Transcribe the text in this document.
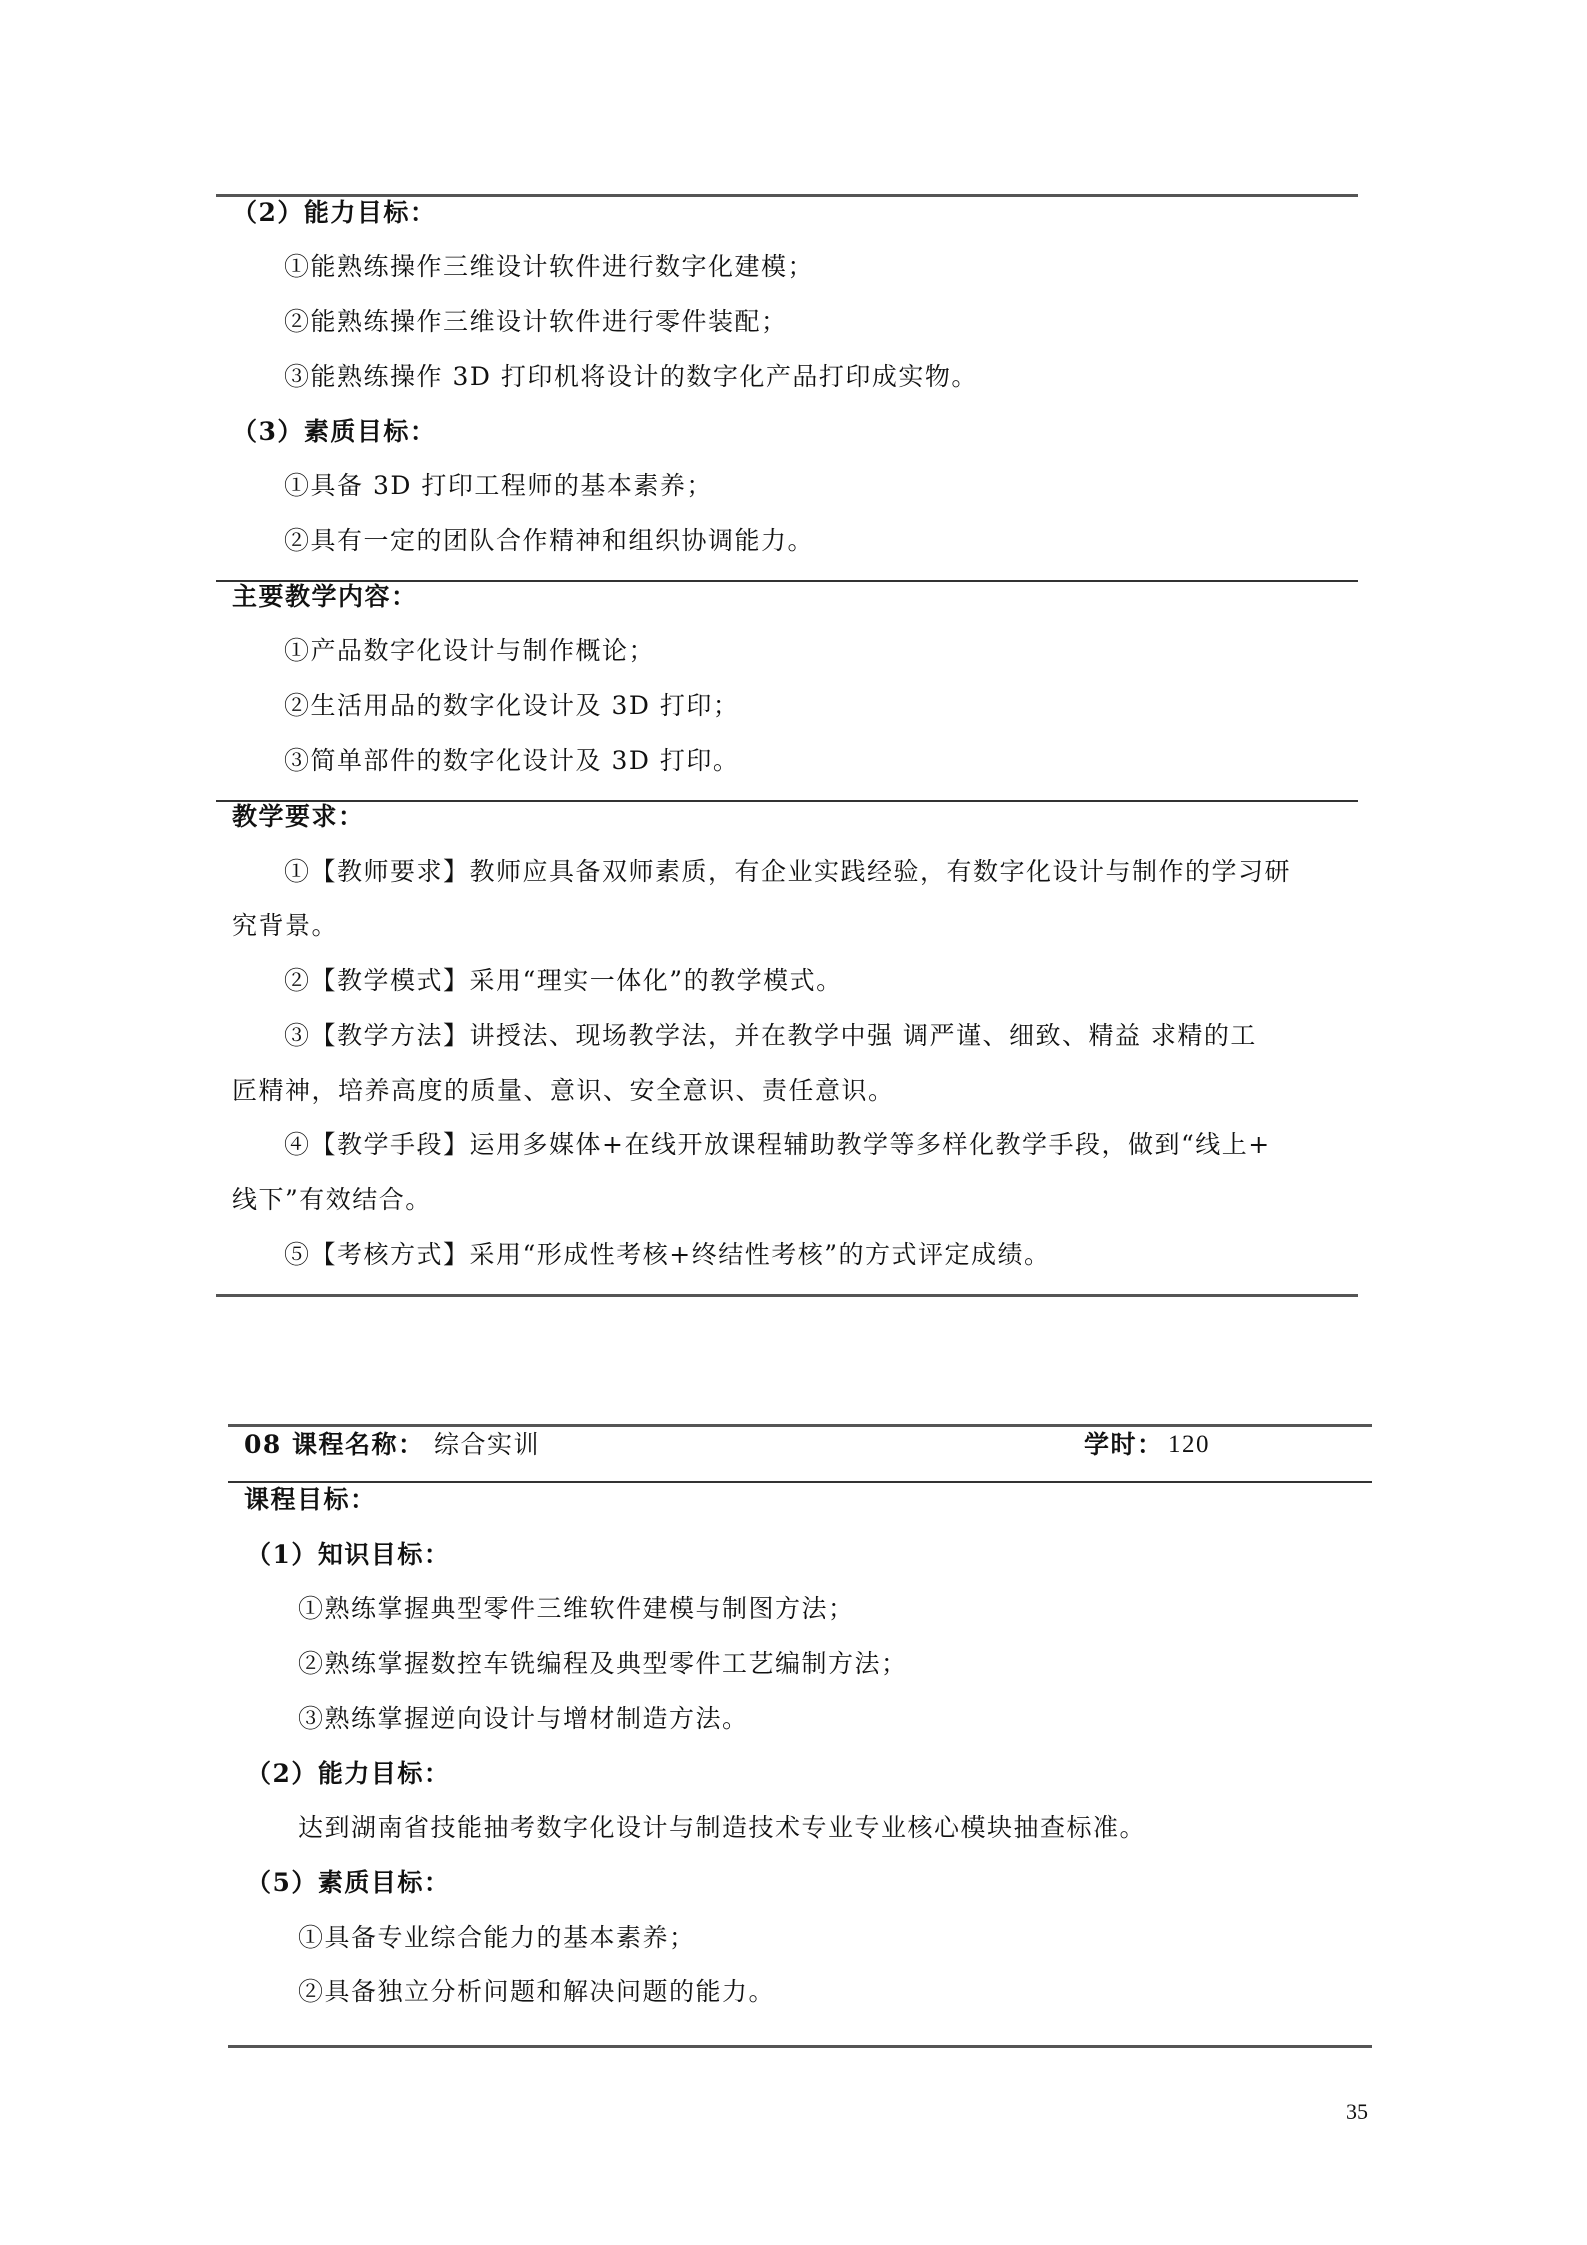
（2）能力目标：
①能熟练操作三维设计软件进行数字化建模；
②能熟练操作三维设计软件进行零件装配；
③能熟练操作 3D 打印机将设计的数字化产品打印成实物。
（3）素质目标：
①具备 3D 打印工程师的基本素养；
②具有一定的团队合作精神和组织协调能力。
主要教学内容：
①产品数字化设计与制作概论；
②生活用品的数字化设计及 3D 打印；
③简单部件的数字化设计及 3D 打印。
教学要求：
①【教师要求】教师应具备双师素质，有企业实践经验，有数字化设计与制作的学习研
究背景。
②【教学模式】采用“理实一体化”的教学模式。
③【教学方法】讲授法、现场教学法，并在教学中强 调严谨、细致、精益 求精的工
匠精神，培养高度的质量、意识、安全意识、责任意识。
④【教学手段】运用多媒体+在线开放课程辅助教学等多样化教学手段，做到“线上+
线下”有效结合。
⑤【考核方式】采用“形成性考核+终结性考核”的方式评定成绩。
08 课程名称： 综合实训	学时： 120
课程目标：
（1）知识目标：
①熟练掌握典型零件三维软件建模与制图方法；
②熟练掌握数控车铣编程及典型零件工艺编制方法；
③熟练掌握逆向设计与增材制造方法。
（2）能力目标：
达到湖南省技能抽考数字化设计与制造技术专业专业核心模块抽查标准。
（5）素质目标：
①具备专业综合能力的基本素养；
②具备独立分析问题和解决问题的能力。
35
